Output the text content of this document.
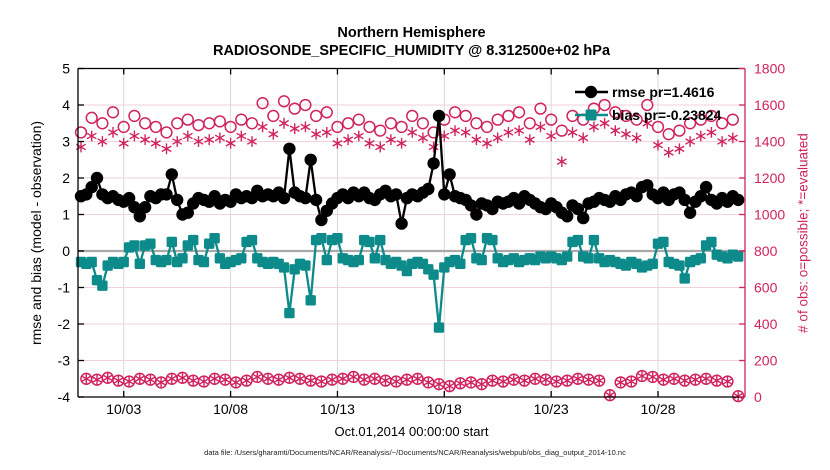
Northern Hemisphere
RADIOSONDE_SPECIFIC_HUMIDITY @ 8.312500e+02 hPa
-4
-3
-2
-1
0
1
2
3
4
5
0
200
400
600
800
1000
1200
1400
1600
1800
10/03	10/08	10/13	10/18	10/23	10/28
rmse and bias (model - observation)	# of obs: o=possible; *=evaluated
Oct.01,2014 00:00:00 start
rmse pr=1.4616
bias pr=-0.23824
data file: /Users/gharamti/Documents/NCAR/Reanalysis/~/Documents/NCAR/Reanalysis/webpub/obs_diag_output_2014-10.nc
